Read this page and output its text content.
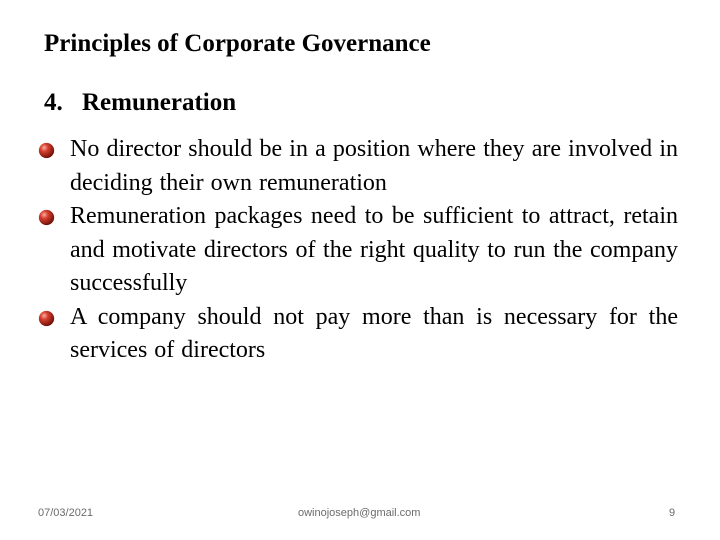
Principles of Corporate Governance
4. Remuneration
No director should be in a position where they are involved in deciding their own remuneration
Remuneration packages need to be sufficient to attract, retain and motivate directors of the right quality to run the company successfully
A company should not pay more than is necessary for the services of directors
07/03/2021	owinojoseph@gmail.com	9
